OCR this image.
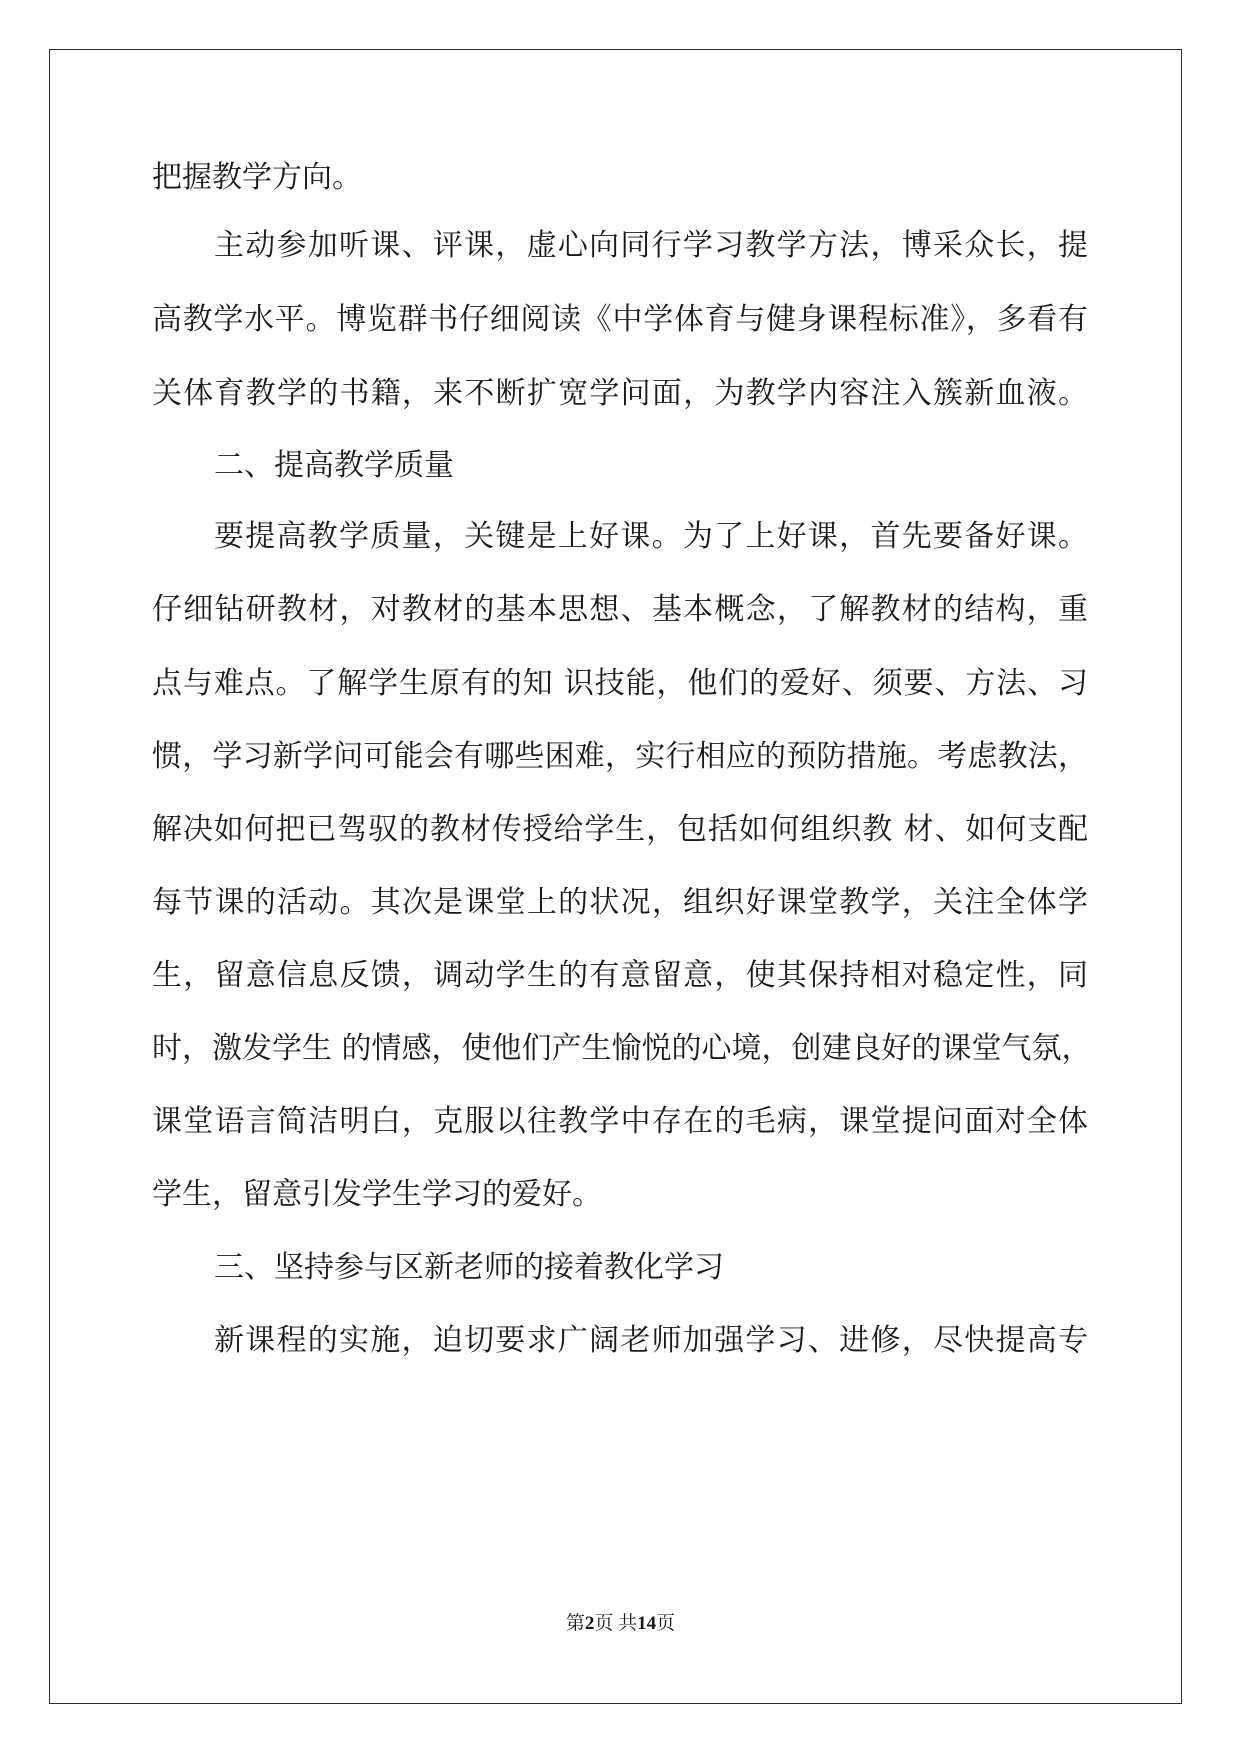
把握教学方向。
主动参加听课、评课，虚心向同行学习教学方法，博采众长，提
高教学水平。博览群书仔细阅读《中学体育与健身课程标准》，多看有
关体育教学的书籍，来不断扩宽学问面，为教学内容注入簇新血液。
二、提高教学质量
要提高教学质量，关键是上好课。为了上好课，首先要备好课。
仔细钻研教材，对教材的基本思想、基本概念，了解教材的结构，重
点与难点。了解学生原有的知 识技能，他们的爱好、须要、方法、习
惯，学习新学问可能会有哪些困难，实行相应的预防措施。考虑教法，
解决如何把已驾驭的教材传授给学生，包括如何组织教 材、如何支配
每节课的活动。其次是课堂上的状况，组织好课堂教学，关注全体学
生，留意信息反馈，调动学生的有意留意，使其保持相对稳定性，同
时，激发学生 的情感，使他们产生愉悦的心境，创建良好的课堂气氛，
课堂语言简洁明白，克服以往教学中存在的毛病，课堂提问面对全体
学生，留意引发学生学习的爱好。
三、坚持参与区新老师的接着教化学习
新课程的实施，迫切要求广阔老师加强学习、进修，尽快提高专
第2页 共14页
